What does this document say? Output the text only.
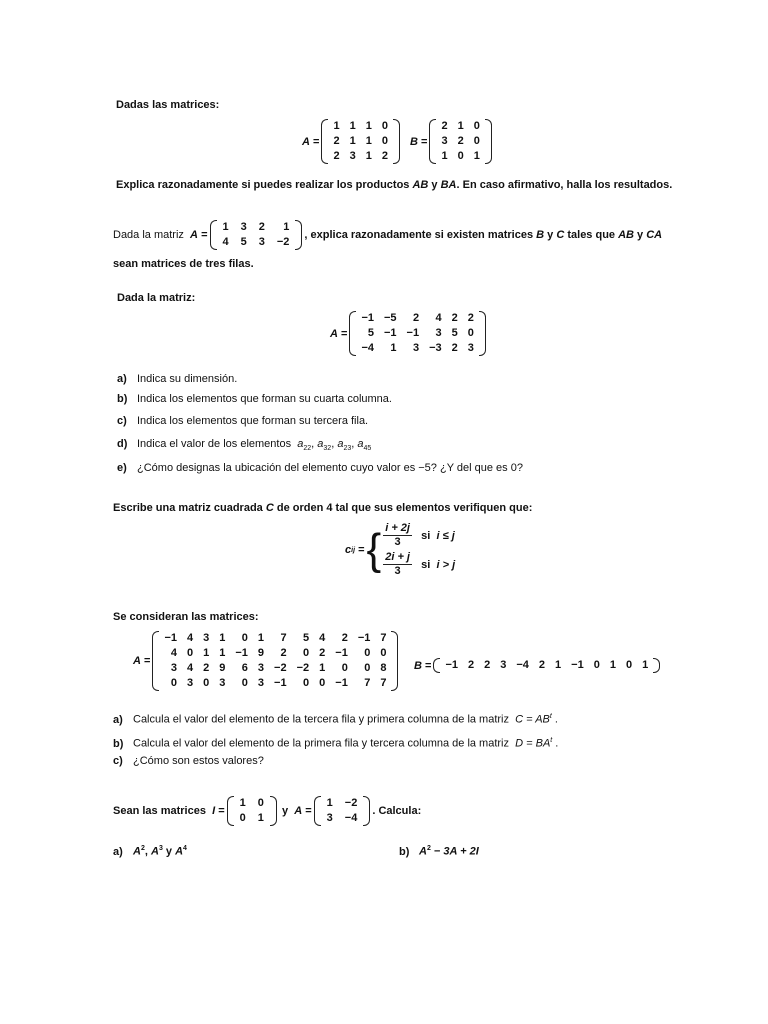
Dadas las matrices:
A
=
1	1	1	0
2	1	1	0
2	3	1	2
B
=
2	1	0
3	2	0
1	0	1
Explica razonadamente si puedes realizar los productos AB y BA. En caso afirmativo, halla los resultados.
Dada la matriz
A
=
1	3	2	1
4	5	3	−2
, explica razonadamente si existen matrices B y C tales que AB y CA
sean matrices de tres filas.
Dada la matriz:
A
=
−1	−5	2	4	2	2
5	−1	−1	3	5	0
−4	1	3	−3	2	3
a) Indica su dimensión.
b) Indica los elementos que forman su cuarta columna.
c) Indica los elementos que forman su tercera fila.
d) Indica el valor de los elementos  $a_{22}$, $a_{32}$, $a_{23}$, $a_{45}$
e) ¿Cómo designas la ubicación del elemento cuyo valor es −5? ¿Y del que es 0?
Escribe una matriz cuadrada C de orden 4 tal que sus elementos verifiquen que:
c ij
= { $\frac{i + 2j}{3}$
si
i ≤ j
$\frac{2i + j}{3}$
si
i > j
Se consideran las matrices:
A
=
−1	4	3	1	0	1	7	5	4	2	−1	7
4	0	1	1	−1	9	2	0	2	−1	0	0
3	4	2	9	6	3	−2	−2	1	0	0	8
0	3	0	3	0	3	−1	0	0	−1	7	7
B
= −1	2	2	3	−4	2	1	−1	0	1	0	1
a) Calcula el valor del elemento de la tercera fila y primera columna de la matriz  $C = AB^t$ .
b) Calcula el valor del elemento de la primera fila y tercera columna de la matriz  $D = BA^t$ .
c) ¿Cómo son estos valores?
Sean las matrices
I
=
1	0
0	1

y
A
=
1	−2
3	−4
. Calcula:
a) $A^2$, $A^3$ y $A^4$	b) $A^2 - 3A + 2I$
